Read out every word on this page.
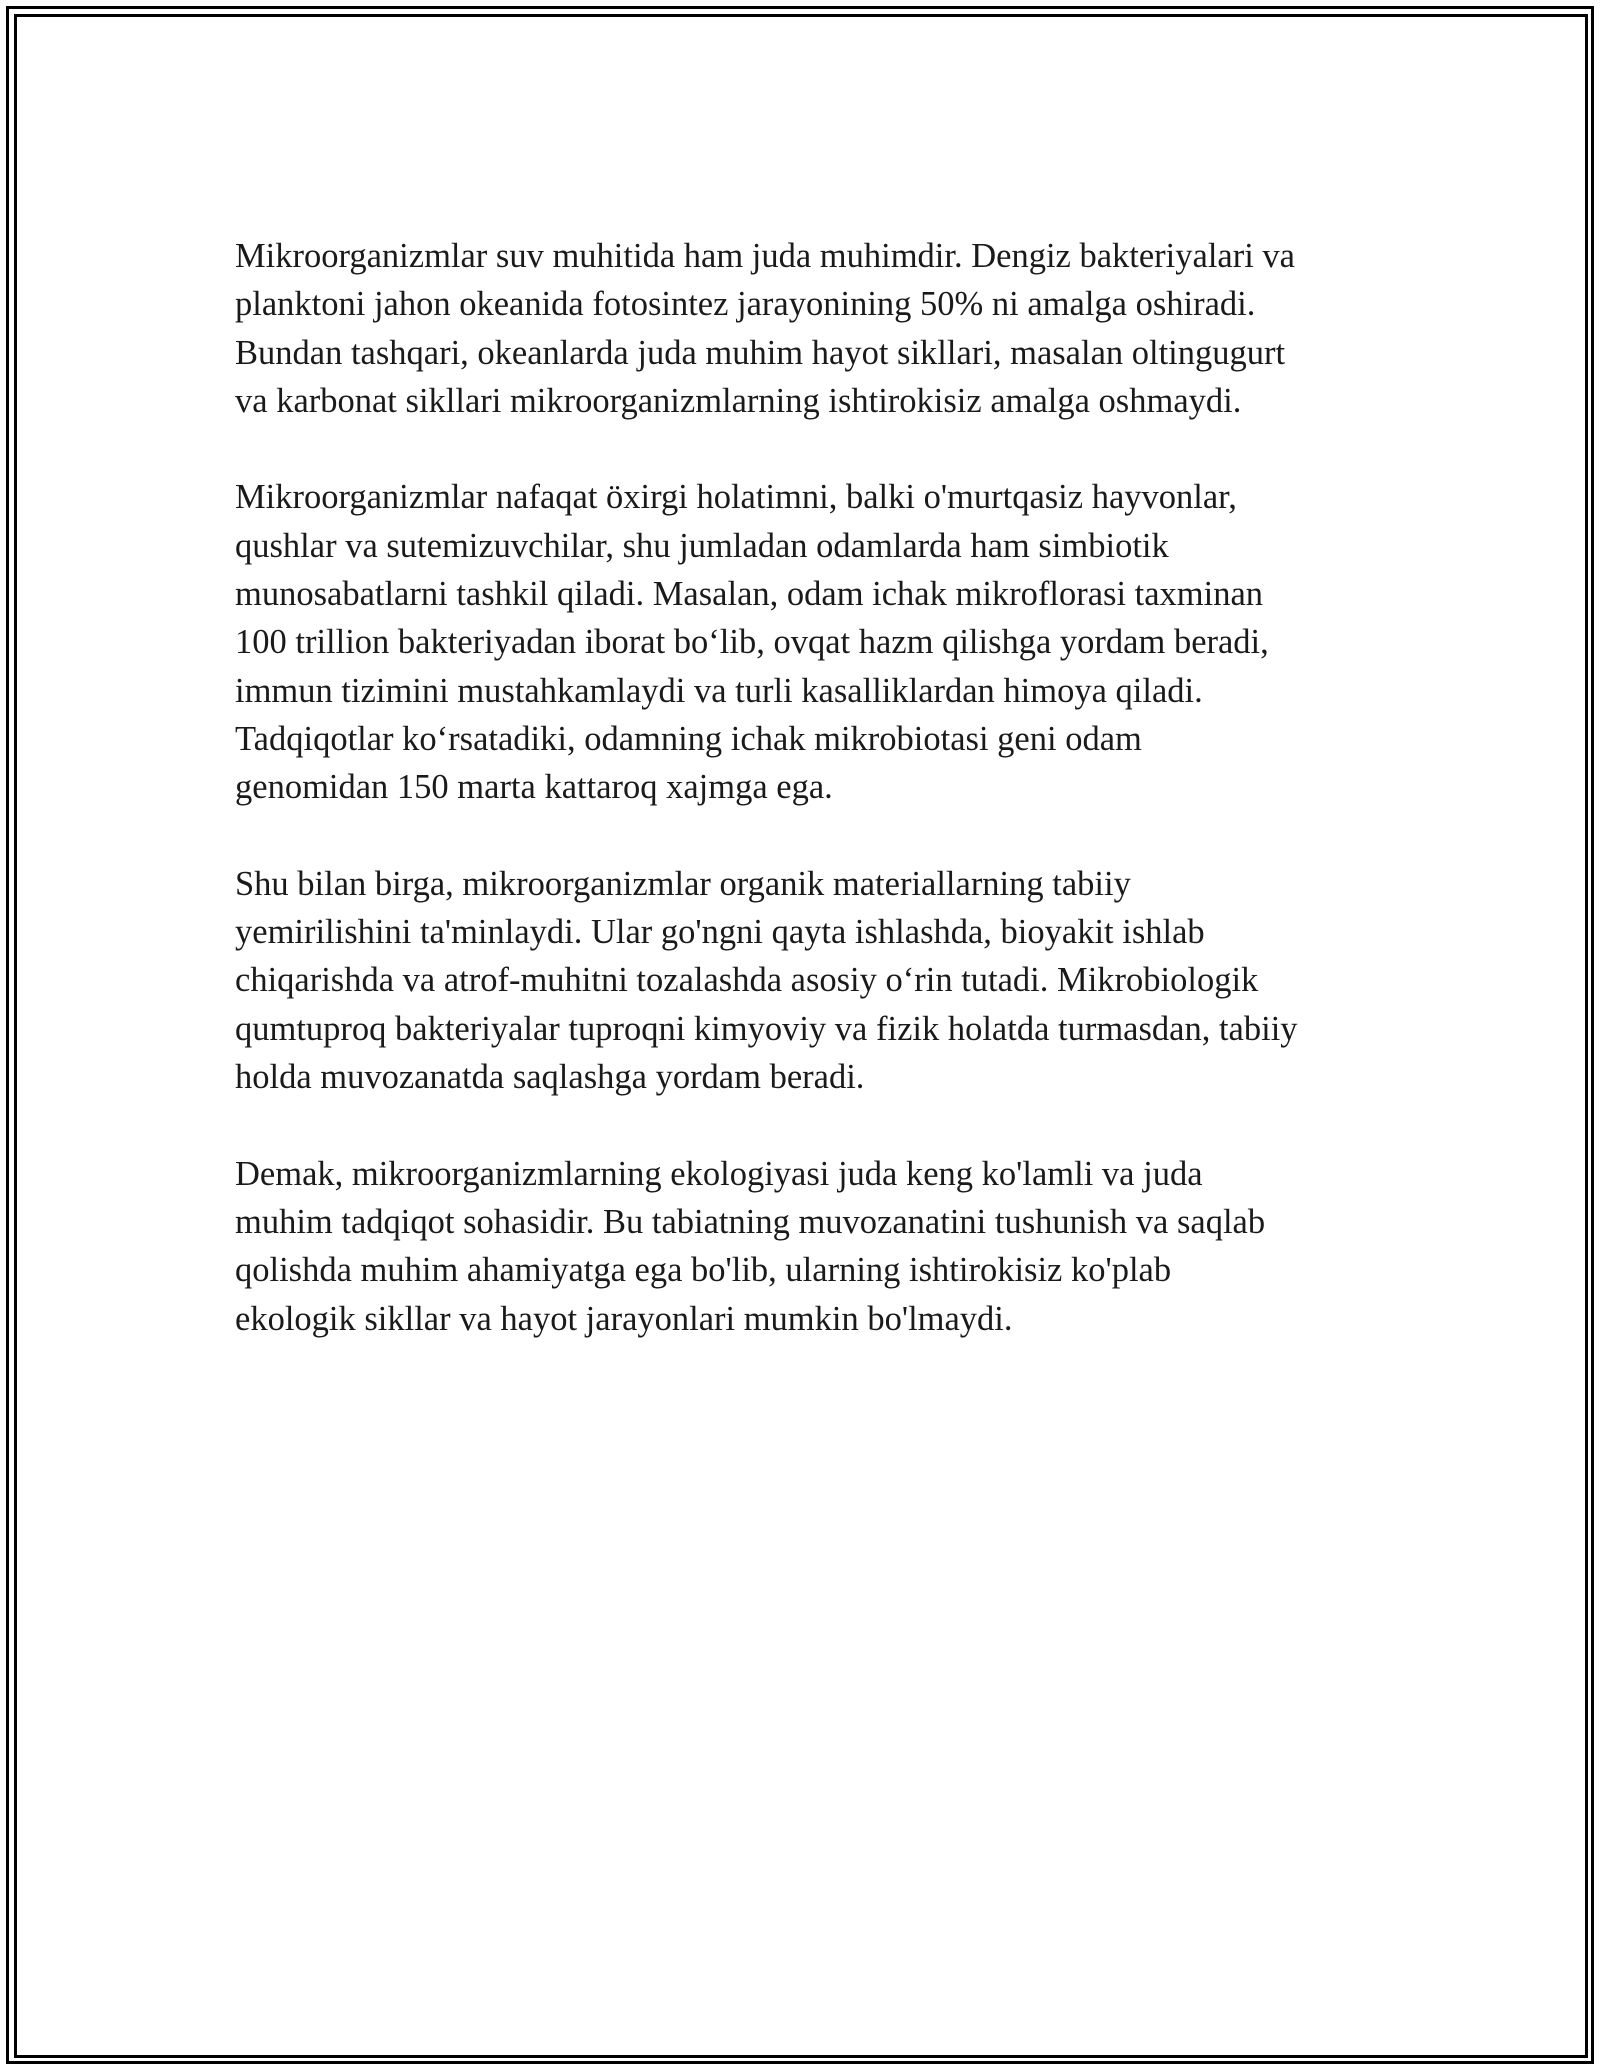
Mikroorganizmlar suv muhitida ham juda muhimdir. Dengiz bakteriyalari va
planktoni jahon okeanida fotosintez jarayonining 50% ni amalga oshiradi.
Bundan tashqari, okeanlarda juda muhim hayot sikllari, masalan oltingugurt
va karbonat sikllari mikroorganizmlarning ishtirokisiz amalga oshmaydi.

Mikroorganizmlar nafaqat öxirgi holatimni, balki o'murtqasiz hayvonlar,
qushlar va sutemizuvchilar, shu jumladan odamlarda ham simbiotik
munosabatlarni tashkil qiladi. Masalan, odam ichak mikroflorasi taxminan
100 trillion bakteriyadan iborat boʻlib, ovqat hazm qilishga yordam beradi,
immun tizimini mustahkamlaydi va turli kasalliklardan himoya qiladi.
Tadqiqotlar koʻrsatadiki, odamning ichak mikrobiotasi geni odam
genomidan 150 marta kattaroq xajmga ega.

Shu bilan birga, mikroorganizmlar organik materiallarning tabiiy
yemirilishini ta'minlaydi. Ular go'ngni qayta ishlashda, bioyakit ishlab
chiqarishda va atrof-muhitni tozalashda asosiy oʻrin tutadi. Mikrobiologik
qumtuproq bakteriyalar tuproqni kimyoviy va fizik holatda turmasdan, tabiiy
holda muvozanatda saqlashga yordam beradi.

Demak, mikroorganizmlarning ekologiyasi juda keng ko'lamli va juda
muhim tadqiqot sohasidir. Bu tabiatning muvozanatini tushunish va saqlab
qolishda muhim ahamiyatga ega bo'lib, ularning ishtirokisiz ko'plab
ekologik sikllar va hayot jarayonlari mumkin bo'lmaydi.
